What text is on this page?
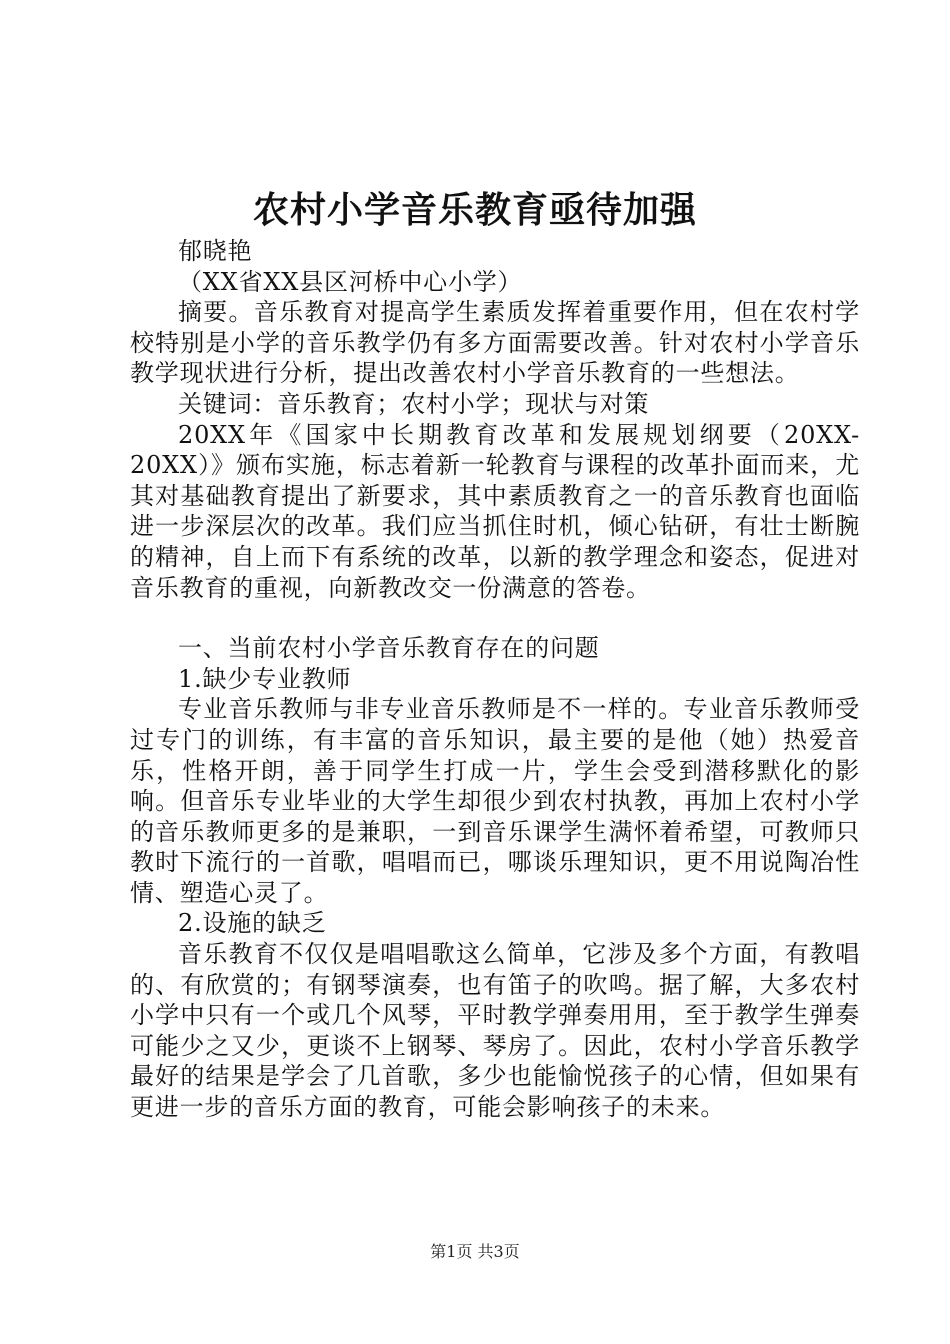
农村小学音乐教育亟待加强

郁晓艳

（XX省XX县区河桥中心小学）

摘要。音乐教育对提高学生素质发挥着重要作用，但在农村学校特别是小学的音乐教学仍有多方面需要改善。针对农村小学音乐教学现状进行分析，提出改善农村小学音乐教育的一些想法。

关键词：音乐教育；农村小学；现状与对策

20XX年《国家中长期教育改革和发展规划纲要（20XX-20XX）》颁布实施，标志着新一轮教育与课程的改革扑面而来，尤其对基础教育提出了新要求，其中素质教育之一的音乐教育也面临进一步深层次的改革。我们应当抓住时机，倾心钻研，有壮士断腕的精神，自上而下有系统的改革，以新的教学理念和姿态，促进对音乐教育的重视，向新教改交一份满意的答卷。

一、当前农村小学音乐教育存在的问题

1.缺少专业教师

专业音乐教师与非专业音乐教师是不一样的。专业音乐教师受过专门的训练，有丰富的音乐知识，最主要的是他（她）热爱音乐，性格开朗，善于同学生打成一片，学生会受到潜移默化的影响。但音乐专业毕业的大学生却很少到农村执教，再加上农村小学的音乐教师更多的是兼职，一到音乐课学生满怀着希望，可教师只教时下流行的一首歌，唱唱而已，哪谈乐理知识，更不用说陶冶性情、塑造心灵了。

2.设施的缺乏

音乐教育不仅仅是唱唱歌这么简单，它涉及多个方面，有教唱的、有欣赏的；有钢琴演奏，也有笛子的吹鸣。据了解，大多农村小学中只有一个或几个风琴，平时教学弹奏用用，至于教学生弹奏可能少之又少，更谈不上钢琴、琴房了。因此，农村小学音乐教学最好的结果是学会了几首歌，多少也能愉悦孩子的心情，但如果有更进一步的音乐方面的教育，可能会影响孩子的未来。

第1页 共3页
